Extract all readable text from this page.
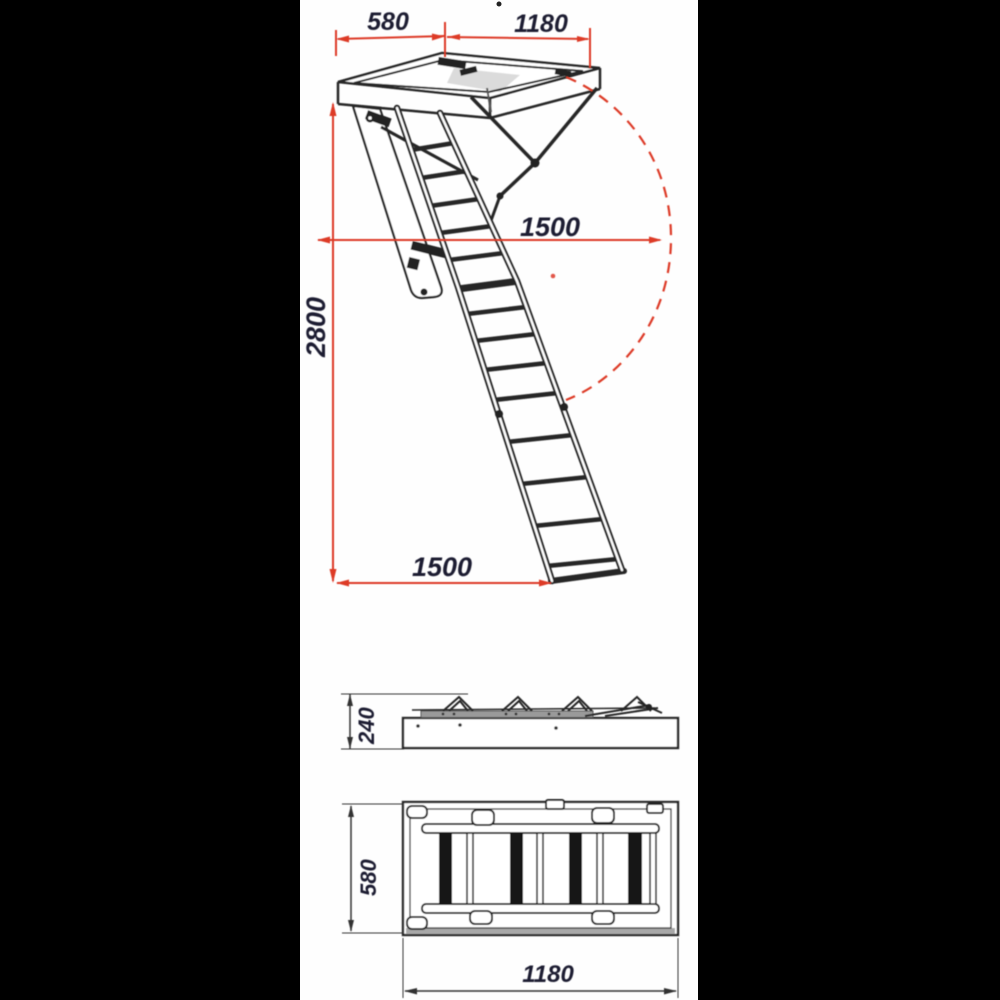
580	1180
2800
1500
1500
240
580
1180
